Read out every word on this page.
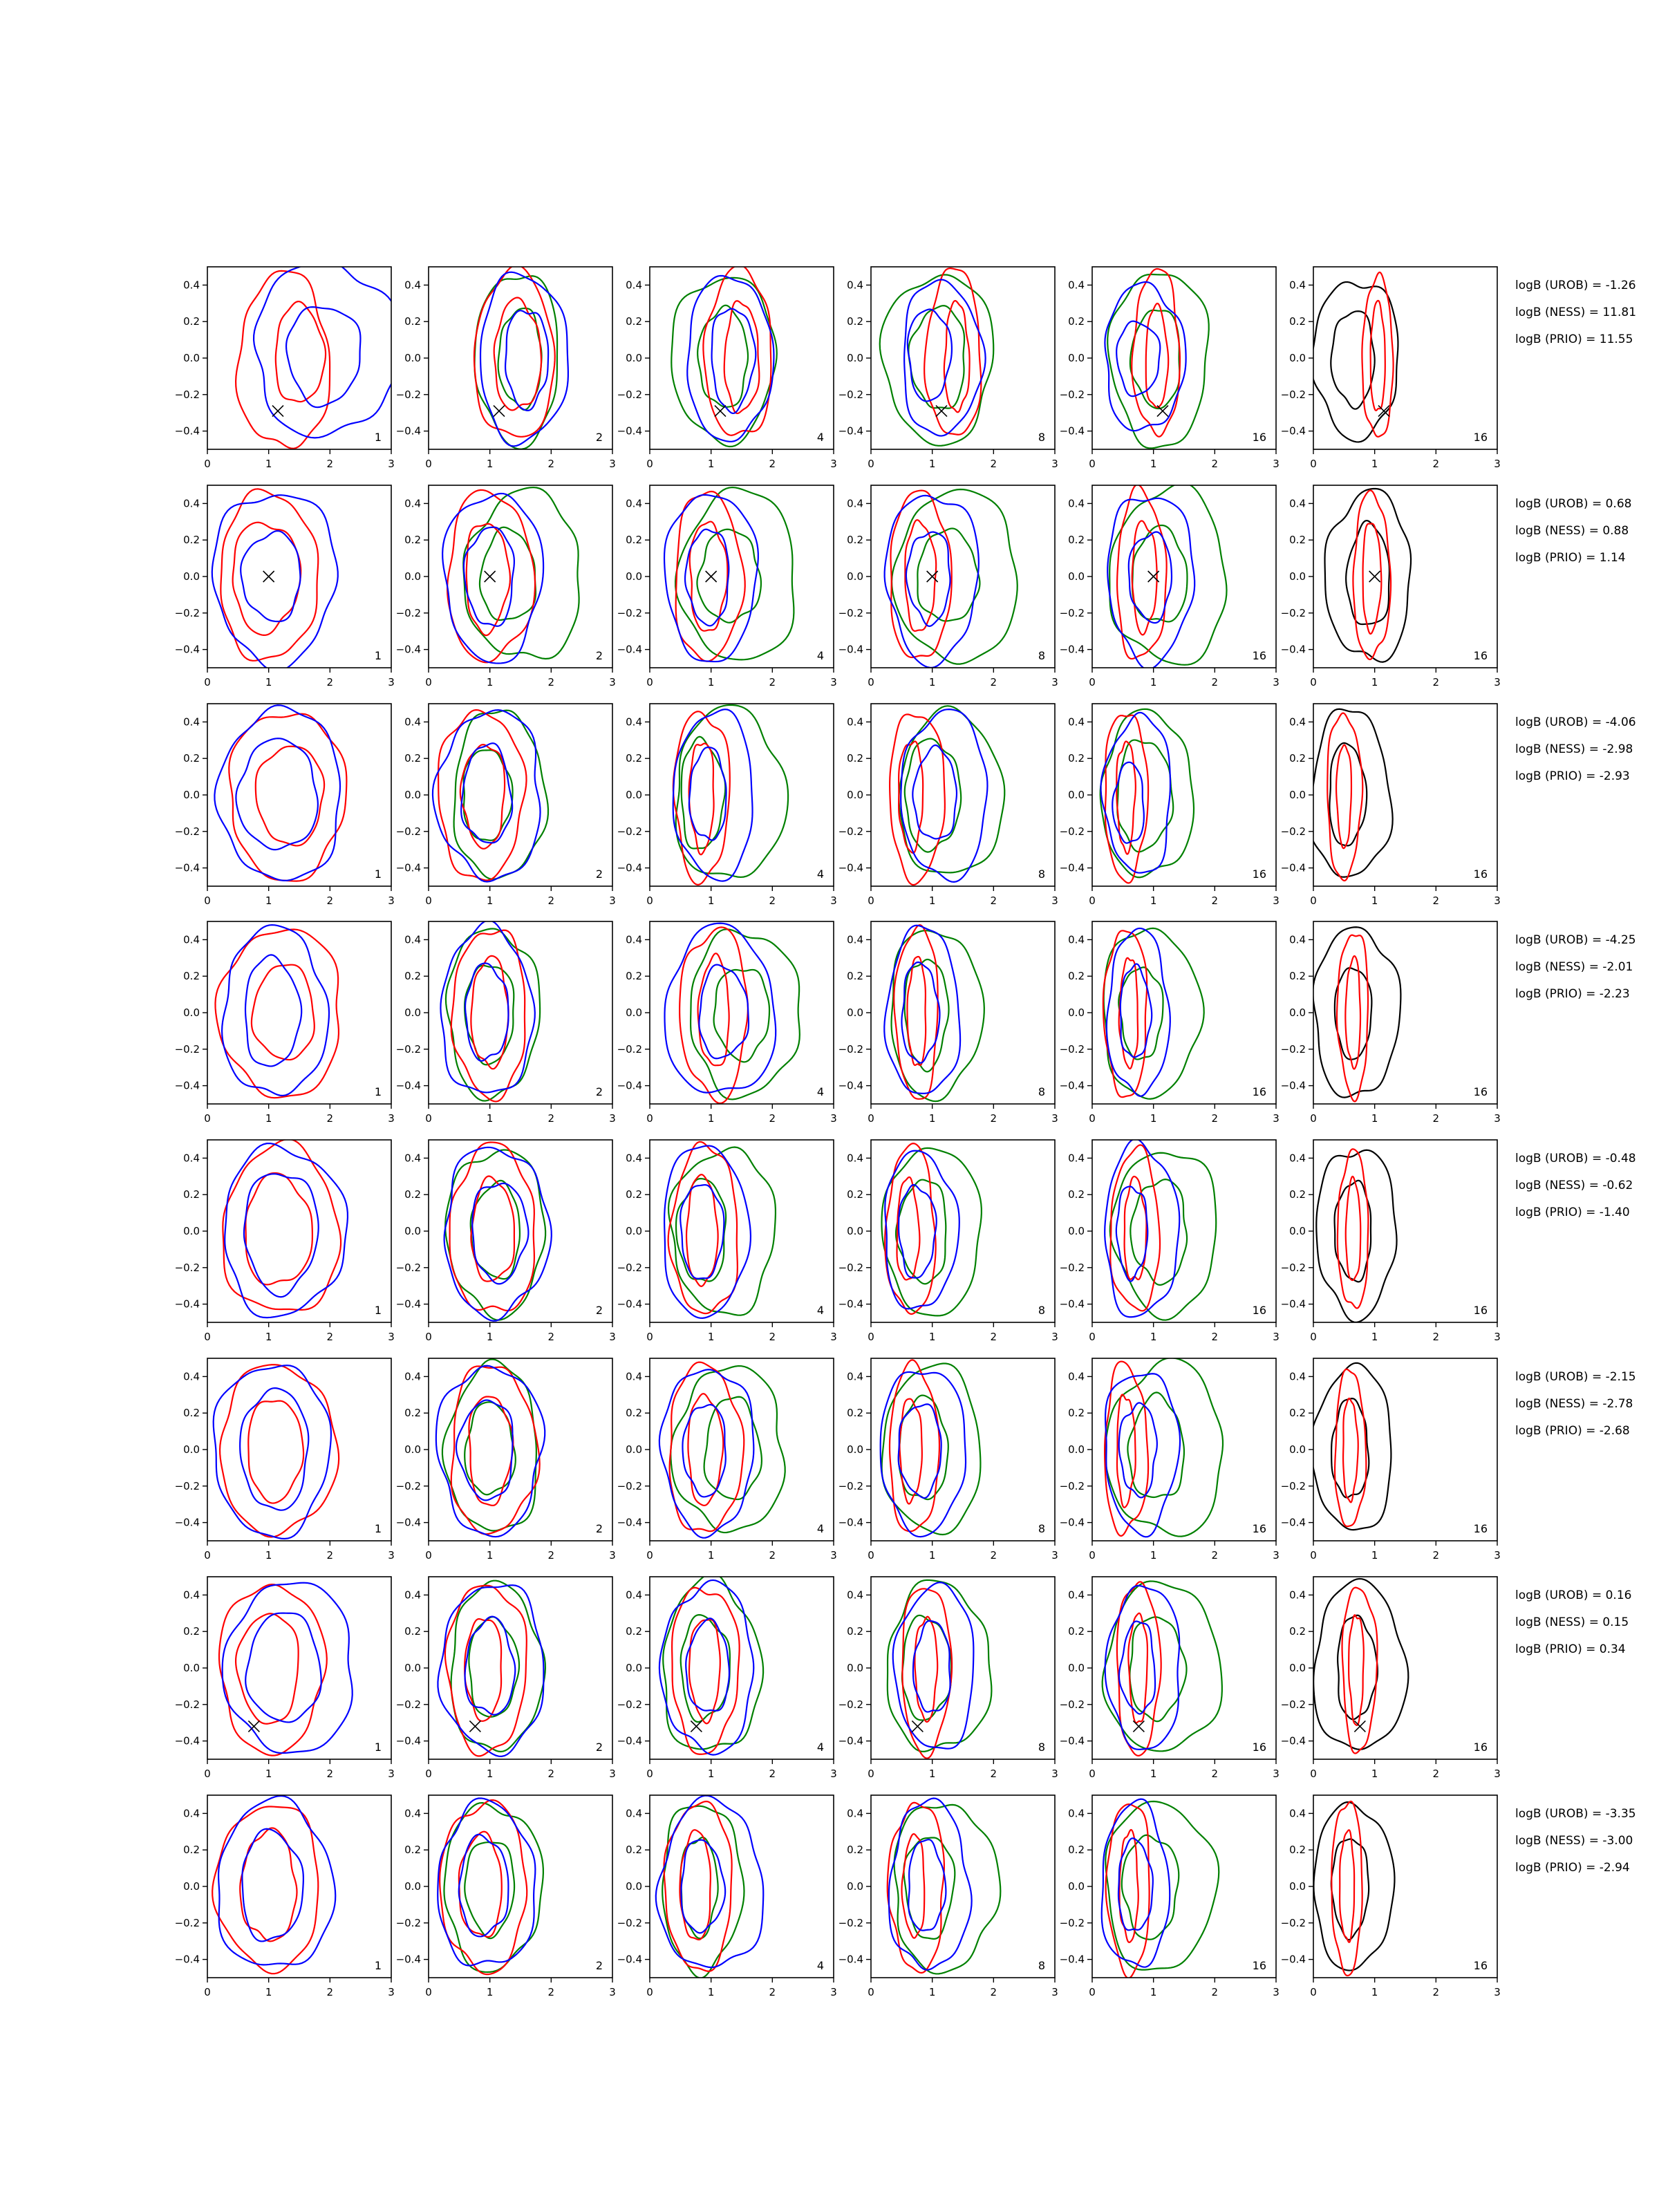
0	1	2	3
0.4
0.2
0.0
−0.2
−0.4	1
0	1	2	3
0.4
0.2
0.0
−0.2
−0.4	2
0	1	2	3
0.4
0.2
0.0
−0.2
−0.4	4
0	1	2	3
0.4
0.2
0.0
−0.2
−0.4	8
0	1	2	3
0.4
0.2
0.0
−0.2
−0.4	16
0	1	2	3
0.4
0.2
0.0
−0.2
−0.4	16
0	1	2	3
0.4
0.2
0.0
−0.2
−0.4	1
0	1	2	3
0.4
0.2
0.0
−0.2
−0.4	2
0	1	2	3
0.4
0.2
0.0
−0.2
−0.4	4
0	1	2	3
0.4
0.2
0.0
−0.2
−0.4	8
0	1	2	3
0.4
0.2
0.0
−0.2
−0.4	16
0	1	2	3
0.4
0.2
0.0
−0.2
−0.4	16
0	1	2	3
0.4
0.2
0.0
−0.2
−0.4	1
0	1	2	3
0.4
0.2
0.0
−0.2
−0.4	2
0	1	2	3
0.4
0.2
0.0
−0.2
−0.4	4
0	1	2	3
0.4
0.2
0.0
−0.2
−0.4	8
0	1	2	3
0.4
0.2
0.0
−0.2
−0.4	16
0	1	2	3
0.4
0.2
0.0
−0.2
−0.4	16
0	1	2	3
0.4
0.2
0.0
−0.2
−0.4	1
0	1	2	3
0.4
0.2
0.0
−0.2
−0.4	2
0	1	2	3
0.4
0.2
0.0
−0.2
−0.4	4
0	1	2	3
0.4
0.2
0.0
−0.2
−0.4	8
0	1	2	3
0.4
0.2
0.0
−0.2
−0.4	16
0	1	2	3
0.4
0.2
0.0
−0.2
−0.4	16
0	1	2	3
0.4
0.2
0.0
−0.2
−0.4	1
0	1	2	3
0.4
0.2
0.0
−0.2
−0.4	2
0	1	2	3
0.4
0.2
0.0
−0.2
−0.4	4
0	1	2	3
0.4
0.2
0.0
−0.2
−0.4	8
0	1	2	3
0.4
0.2
0.0
−0.2
−0.4	16
0	1	2	3
0.4
0.2
0.0
−0.2
−0.4	16
0	1	2	3
0.4
0.2
0.0
−0.2
−0.4	1
0	1	2	3
0.4
0.2
0.0
−0.2
−0.4	2
0	1	2	3
0.4
0.2
0.0
−0.2
−0.4	4
0	1	2	3
0.4
0.2
0.0
−0.2
−0.4	8
0	1	2	3
0.4
0.2
0.0
−0.2
−0.4	16
0	1	2	3
0.4
0.2
0.0
−0.2
−0.4	16
0	1	2	3
0.4
0.2
0.0
−0.2
−0.4	1
0	1	2	3
0.4
0.2
0.0
−0.2
−0.4	2
0	1	2	3
0.4
0.2
0.0
−0.2
−0.4	4
0	1	2	3
0.4
0.2
0.0
−0.2
−0.4	8
0	1	2	3
0.4
0.2
0.0
−0.2
−0.4	16
0	1	2	3
0.4
0.2
0.0
−0.2
−0.4	16
0	1	2	3
0.4
0.2
0.0
−0.2
−0.4	1
0	1	2	3
0.4
0.2
0.0
−0.2
−0.4	2
0	1	2	3
0.4
0.2
0.0
−0.2
−0.4	4
0	1	2	3
0.4
0.2
0.0
−0.2
−0.4	8
0	1	2	3
0.4
0.2
0.0
−0.2
−0.4	16
0	1	2	3
0.4
0.2
0.0
−0.2
−0.4	16
logB (UROB) = -1.26
logB (NESS) = 11.81
logB (PRIO) = 11.55
logB (UROB) = 0.68
logB (NESS) = 0.88
logB (PRIO) = 1.14
logB (UROB) = -4.06
logB (NESS) = -2.98
logB (PRIO) = -2.93
logB (UROB) = -4.25
logB (NESS) = -2.01
logB (PRIO) = -2.23
logB (UROB) = -0.48
logB (NESS) = -0.62
logB (PRIO) = -1.40
logB (UROB) = -2.15
logB (NESS) = -2.78
logB (PRIO) = -2.68
logB (UROB) = 0.16
logB (NESS) = 0.15
logB (PRIO) = 0.34
logB (UROB) = -3.35
logB (NESS) = -3.00
logB (PRIO) = -2.94
